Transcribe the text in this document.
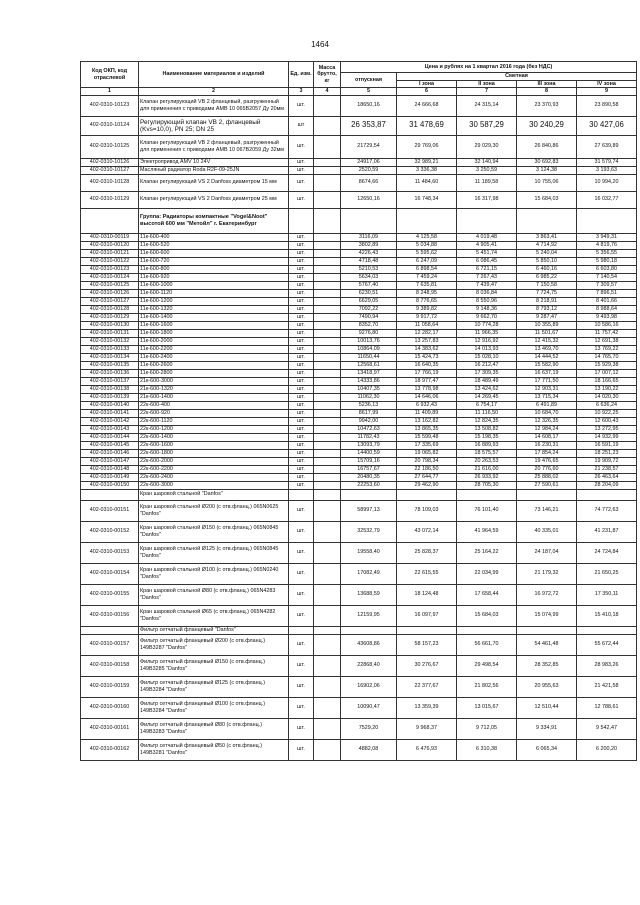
1464
Код ОКП, код отраслевой	Наименование материалов и изделий	Ед. изм.	Масса брутто, кг	Цена и рублях на 1 квартал 2016 года (без НДС)				
				отпускная	Сметная			
					I зона	II зона	III зона	IV зона
1	2	3	4	5	6	7	8	9
402-0310-10123	Клапан регулирующий VB 2 фланцевый, разгруженный для применения с приводами AMB 10 065B2057 Ду 20мм	шт.		18650,16	24 666,68	24 315,14	23 370,93	23 890,58
402-0310-10124	Регулирующий клапан VB 2, фланцевый (Kvs=10,0), PN 25; DN 25	шт		26 353,87	31 478,69	30 587,29	30 240,29	30 427,06
402-0310-10125	Клапан регулирующий VB 2 фланцевый, разгруженный для применения с приводами AMB 10 067B2059 Ду 32мм	шт.		21729,54	29 769,06	29 029,30	26 840,86	27 639,89
402-0310-10126	Электропривод AMV 10 24V	шт.		24917,06	32 989,21	32 140,94	30 692,83	31 579,74
402-0310-10127	Масляный радиатор Roda R2F-09-25JN	шт.		2520,59	3 336,38	3 250,59	3 124,38	3 193,63
402-0310-10128	Клапан регулирующий VS 2 Danfoss диаметром 15 мм	шт.		8674,66	11 484,60	11 189,58	10 755,06	10 994,20
402-0310-10129	Клапан регулирующий VS 2 Danfoss диаметром 25 мм	шт.		12650,16	16 748,34	16 317,98	15 684,03	16 032,77
	Группа: Радиаторы компактные "Vogel&Noot" высотой 600 мм "Метойл" г. Екатеринбург							
402-0310-00119	11к-600-400	шт.		3116,09	4 125,58	4 019,48	3 863,41	3 949,31
402-0310-00120	11к-600-520	шт.		3802,89	5 034,88	4 905,41	4 714,92	4 819,76
402-0310-00121	11к-600-600	шт.		4226,43	5 595,62	5 451,74	5 240,04	5 356,55
402-0310-00122	11к-600-720	шт.		4718,48	6 247,09	6 086,45	5 850,10	5 980,18
402-0310-00123	11к-600-800	шт.		5210,53	6 898,54	6 721,15	6 460,16	6 603,80
402-0310-00124	11к-600-920	шт.		5634,03	7 459,24	7 267,43	6 985,22	7 140,54
402-0310-00125	11к-600-1000	шт.		5767,40	7 635,81	7 439,47	7 150,58	7 309,57
402-0310-00126	11к-600-1120	шт.		6230,51	8 248,95	8 036,84	7 724,75	7 896,51
402-0310-00127	11к-600-1200	шт.		6629,05	8 776,65	8 550,96	8 218,91	8 401,66
402-0310-00128	11к-600-1320	шт.		7092,22	9 389,82	9 148,36	8 793,12	8 988,64
402-0310-00129	11к-600-1400	шт.		7490,94	9 917,72	9 662,70	9 287,47	9 493,98
402-0310-00130	11к-600-1600	шт.		8352,70	11 058,64	10 774,28	10 355,89	10 586,16
402-0310-00131	11к-600-1800	шт.		9276,80	12 282,17	11 966,35	11 501,67	11 757,42
402-0310-00132	11к-600-2000	шт.		10013,76	13 257,83	12 916,92	12 415,32	12 691,38
402-0310-00133	11к-600-2200	шт.		10864,09	14 383,62	14 013,93	13 469,70	13 769,22
402-0310-00134	11к-600-2400	шт.		11650,44	15 424,73	15 028,10	14 444,52	14 765,70
402-0310-00135	11к-600-2600	шт.		12568,61	16 640,35	16 212,47	15 582,90	15 929,38
402-0310-00136	11к-600-2800	шт.		13418,97	17 766,19	17 309,35	16 637,19	17 007,12
402-0310-00137	21к-600-3000	шт.		14333,86	18 977,47	18 489,49	17 771,50	18 166,65
402-0310-00138	21к-600-1320	шт.		10407,35	13 778,98	13 424,62	12 903,31	13 190,22
402-0310-00139	21к-600-1400	шт.		11062,30	14 646,06	14 269,45	13 715,34	14 020,30
402-0310-00140	22к-600-400	шт.		5236,13	6 932,43	6 754,17	6 491,89	6 636,24
402-0310-00141	22к-600-920	шт.		8617,99	11 409,89	11 116,50	10 684,70	10 922,25
402-0310-00142	22к-600-1120	шт.		9942,00	13 162,82	12 824,35	12 326,35	12 600,43
402-0310-00143	22к-600-1200	шт.		10472,63	13 865,35	13 508,82	12 984,24	13 272,95
402-0310-00144	22к-600-1400	шт.		11782,43	15 599,48	15 198,35	14 608,17	14 932,99
402-0310-00145	22к-600-1600	шт.		13093,79	17 335,69	16 889,93	16 230,31	16 591,19
402-0310-00146	22к-600-1800	шт.		14400,59	19 065,82	18 575,57	17 854,24	18 251,23
402-0310-00147	22к-600-2000	шт.		15709,16	20 798,34	20 263,53	19 476,65	19 909,72
402-0310-00148	22к-600-2200	шт.		16757,67	22 186,50	21 616,00	20 776,60	21 238,57
402-0310-00149	22к-600-2400	шт.		20480,35	27 644,77	26 933,92	25 888,02	26 463,64
402-0310-00150	22к-600-3000	шт.		22253,60	29 462,90	28 705,30	27 590,61	28 204,09
	Кран шаровой стальной "Danfos"							
402-0310-00151	Кран шаровой стальной Ø200 (с отв.фланц.) 065N0625 "Danfos"	шт.		58997,13	78 109,03	76 101,40	73 146,21	74 772,63
402-0310-00152	Кран шаровой стальной Ø150 (с отв.фланц.) 065N0845 "Danfos"	шт.		32532,79	43 072,14	41 964,59	40 335,01	41 231,87
402-0310-00153	Кран шаровой стальной Ø125 (с отв.фланц.) 065N0845 "Danfos"	шт.		19558,40	25 828,37	25 164,22	24 187,04	24 724,84
402-0310-00154	Кран шаровой стальной Ø100 (с отв.фланц.) 065N0240 "Danfos"	шт.		17082,49	22 615,55	22 034,99	21 179,32	21 650,25
402-0310-00155	Кран шаровой стальной Ø80 (с отв.фланц.) 065N4283 "Danfos"	шт.		13688,59	18 124,48	17 658,44	16 972,72	17 350,11
402-0310-00156	Кран шаровой стальной Ø65 (с отв.фланц.) 065N4282 "Danfos"	шт.		12159,95	16 097,97	15 684,03	15 074,99	15 410,18
	Фильтр сетчатый фланцевый "Danfos"							
402-0310-00157	Фильтр сетчатый фланцевый Ø200 (с отв.фланц.) 149B3287 "Danfos"	шт.		43608,86	58 157,23	56 661,70	54 461,48	55 672,44
402-0310-00158	Фильтр сетчатый фланцевый Ø150 (с отв.фланц.) 149B3285 "Danfos"	шт.		22868,40	30 276,67	29 498,54	28 352,85	28 983,26
402-0310-00159	Фильтр сетчатый фланцевый Ø125 (с отв.фланц.) 149B3284 "Danfos"	шт.		16902,06	22 377,67	21 802,56	20 955,63	21 421,58
402-0310-00160	Фильтр сетчатый фланцевый Ø100 (с отв.фланц.) 149B3284 "Danfos"	шт.		10090,47	13 359,39	13 015,67	12 510,44	12 788,61
402-0310-00161	Фильтр сетчатый фланцевый Ø80 (с отв.фланц.) 149B3283 "Danfos"	шт.		7529,20	9 968,37	9 712,05	9 334,91	9 542,47
402-0310-00162	Фильтр сетчатый фланцевый Ø50 (с отв.фланц.) 149B3281 "Danfos"	шт.		4882,08	6 476,93	6 310,38	6 065,34	6 200,20
